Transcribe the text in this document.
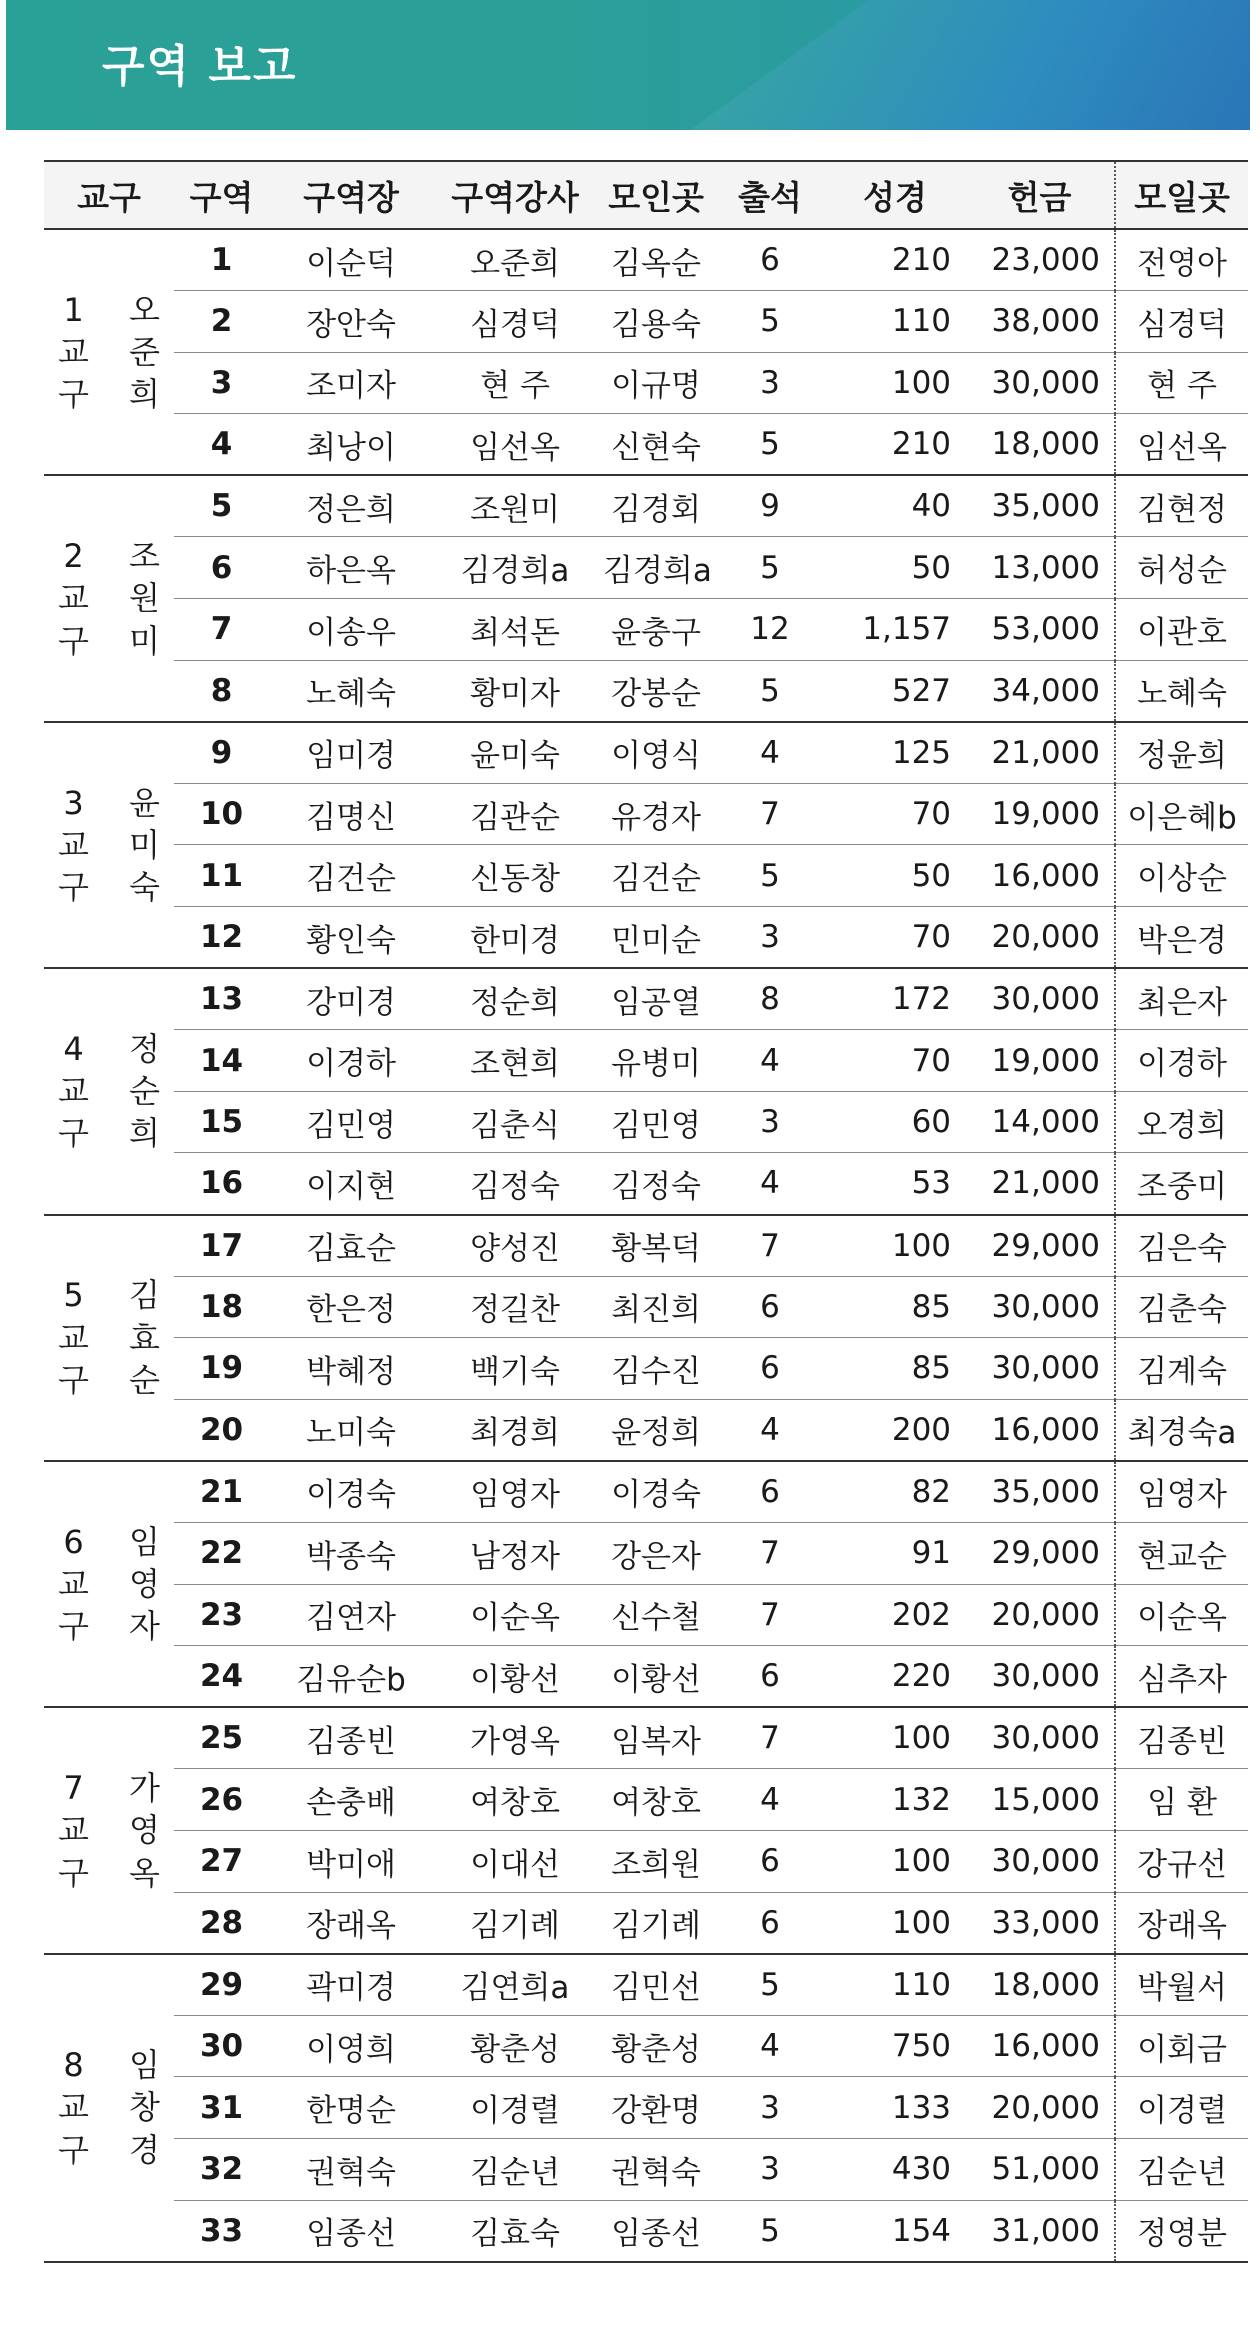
구역 보고
교구		구역	구역장	구역강사	모인곳	출석	성경	헌금	모일곳
1교구	오준희	1	이순덕	오준희	김옥순	6	210	23,000	전영아
		2	장안숙	심경덕	김용숙	5	110	38,000	심경덕
		3	조미자	현 주	이규명	3	100	30,000	현 주
		4	최낭이	임선옥	신현숙	5	210	18,000	임선옥
2교구	조원미	5	정은희	조원미	김경회	9	40	35,000	김현정
		6	하은옥	김경희a	김경희a	5	50	13,000	허성순
		7	이송우	최석돈	윤충구	12	1,157	53,000	이관호
		8	노혜숙	황미자	강봉순	5	527	34,000	노혜숙
3교구	윤미숙	9	임미경	윤미숙	이영식	4	125	21,000	정윤희
		10	김명신	김관순	유경자	7	70	19,000	이은혜b
		11	김건순	신동창	김건순	5	50	16,000	이상순
		12	황인숙	한미경	민미순	3	70	20,000	박은경
4교구	정순희	13	강미경	정순희	임공열	8	172	30,000	최은자
		14	이경하	조현희	유병미	4	70	19,000	이경하
		15	김민영	김춘식	김민영	3	60	14,000	오경희
		16	이지현	김정숙	김정숙	4	53	21,000	조중미
5교구	김효순	17	김효순	양성진	황복덕	7	100	29,000	김은숙
		18	한은정	정길찬	최진희	6	85	30,000	김춘숙
		19	박혜정	백기숙	김수진	6	85	30,000	김계숙
		20	노미숙	최경희	윤정희	4	200	16,000	최경숙a
6교구	임영자	21	이경숙	임영자	이경숙	6	82	35,000	임영자
		22	박종숙	남정자	강은자	7	91	29,000	현교순
		23	김연자	이순옥	신수철	7	202	20,000	이순옥
		24	김유순b	이황선	이황선	6	220	30,000	심추자
7교구	가영옥	25	김종빈	가영옥	임복자	7	100	30,000	김종빈
		26	손충배	여창호	여창호	4	132	15,000	임 환
		27	박미애	이대선	조희원	6	100	30,000	강규선
		28	장래옥	김기례	김기례	6	100	33,000	장래옥
8교구	임창경	29	곽미경	김연희a	김민선	5	110	18,000	박월서
		30	이영희	황춘성	황춘성	4	750	16,000	이회금
		31	한명순	이경렬	강환명	3	133	20,000	이경렬
		32	권혁숙	김순년	권혁숙	3	430	51,000	김순년
		33	임종선	김효숙	임종선	5	154	31,000	정영분
